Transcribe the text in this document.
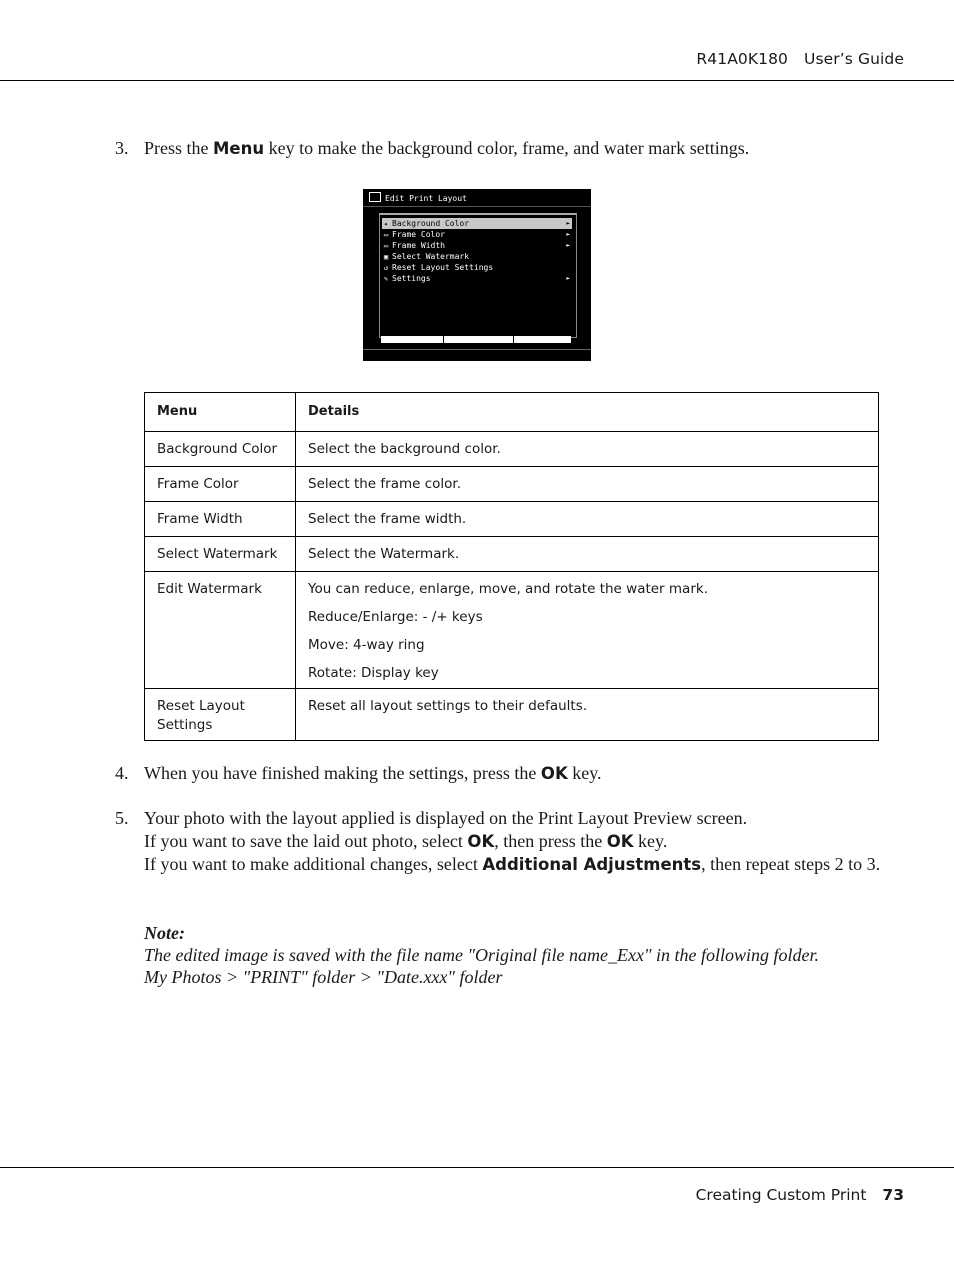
R41A0K180 User’s Guide
3. Press the Menu key to make the background color, frame, and water mark settings.
Edit Print Layout
✦ Background Color	►
▭ Frame Color	►
▭ Frame Width	►
▣ Select Watermark
↺ Reset Layout Settings
✎ Settings	►
Menu	Details
Background Color	Select the background color.
Frame Color	Select the frame color.
Frame Width	Select the frame width.
Select Watermark	Select the Watermark.
Edit Watermark	You can reduce, enlarge, move, and rotate the water mark.

Reduce/Enlarge: - /+ keys

Move: 4-way ring

Rotate: Display key

Reset Layout Settings	Reset all layout settings to their defaults.
4. When you have finished making the settings, press the OK key.
5. Your photo with the layout applied is displayed on the Print Layout Preview screen.
If you want to save the laid out photo, select OK, then press the OK key.
If you want to make additional changes, select Additional Adjustments, then repeat steps 2 to 3.
Note:
The edited image is saved with the file name "Original file name_Exx" in the following folder.
My Photos > "PRINT" folder > "Date.xxx" folder
Creating Custom Print 73
